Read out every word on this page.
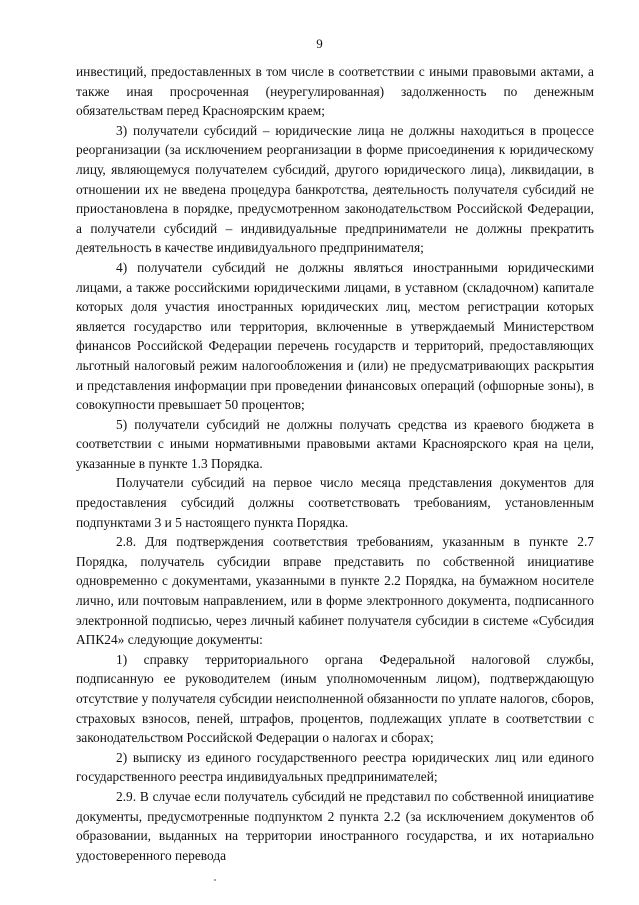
9

инвестиций, предоставленных в том числе в соответствии с иными правовыми актами, а также иная просроченная (неурегулированная) задолженность по денежным обязательствам перед Красноярским краем;

3) получатели субсидий – юридические лица не должны находиться в процессе реорганизации (за исключением реорганизации в форме присоединения к юридическому лицу, являющемуся получателем субсидий, другого юридического лица), ликвидации, в отношении их не введена процедура банкротства, деятельность получателя субсидий не приостановлена в порядке, предусмотренном законодательством Российской Федерации, а получатели субсидий – индивидуальные предприниматели не должны прекратить деятельность в качестве индивидуального предпринимателя;

4) получатели субсидий не должны являться иностранными юридическими лицами, а также российскими юридическими лицами, в уставном (складочном) капитале которых доля участия иностранных юридических лиц, местом регистрации которых является государство или территория, включенные в утверждаемый Министерством финансов Российской Федерации перечень государств и территорий, предоставляющих льготный налоговый режим налогообложения и (или) не предусматривающих раскрытия и представления информации при проведении финансовых операций (офшорные зоны), в совокупности превышает 50 процентов;

5) получатели субсидий не должны получать средства из краевого бюджета в соответствии с иными нормативными правовыми актами Красноярского края на цели, указанные в пункте 1.3 Порядка.

Получатели субсидий на первое число месяца представления документов для предоставления субсидий должны соответствовать требованиям, установленным подпунктами 3 и 5 настоящего пункта Порядка.

2.8. Для подтверждения соответствия требованиям, указанным в пункте 2.7 Порядка, получатель субсидии вправе представить по собственной инициативе одновременно с документами, указанными в пункте 2.2 Порядка, на бумажном носителе лично, или почтовым направлением, или в форме электронного документа, подписанного электронной подписью, через личный кабинет получателя субсидии в системе «Субсидия АПК24» следующие документы:

1) справку территориального органа Федеральной налоговой службы, подписанную ее руководителем (иным уполномоченным лицом), подтверждающую отсутствие у получателя субсидии неисполненной обязанности по уплате налогов, сборов, страховых взносов, пеней, штрафов, процентов, подлежащих уплате в соответствии с законодательством Российской Федерации о налогах и сборах;

2) выписку из единого государственного реестра юридических лиц или единого государственного реестра индивидуальных предпринимателей;

2.9. В случае если получатель субсидий не представил по собственной инициативе документы, предусмотренные подпунктом 2 пункта 2.2 (за исключением документов об образовании, выданных на территории иностранного государства, и их нотариально удостоверенного перевода
